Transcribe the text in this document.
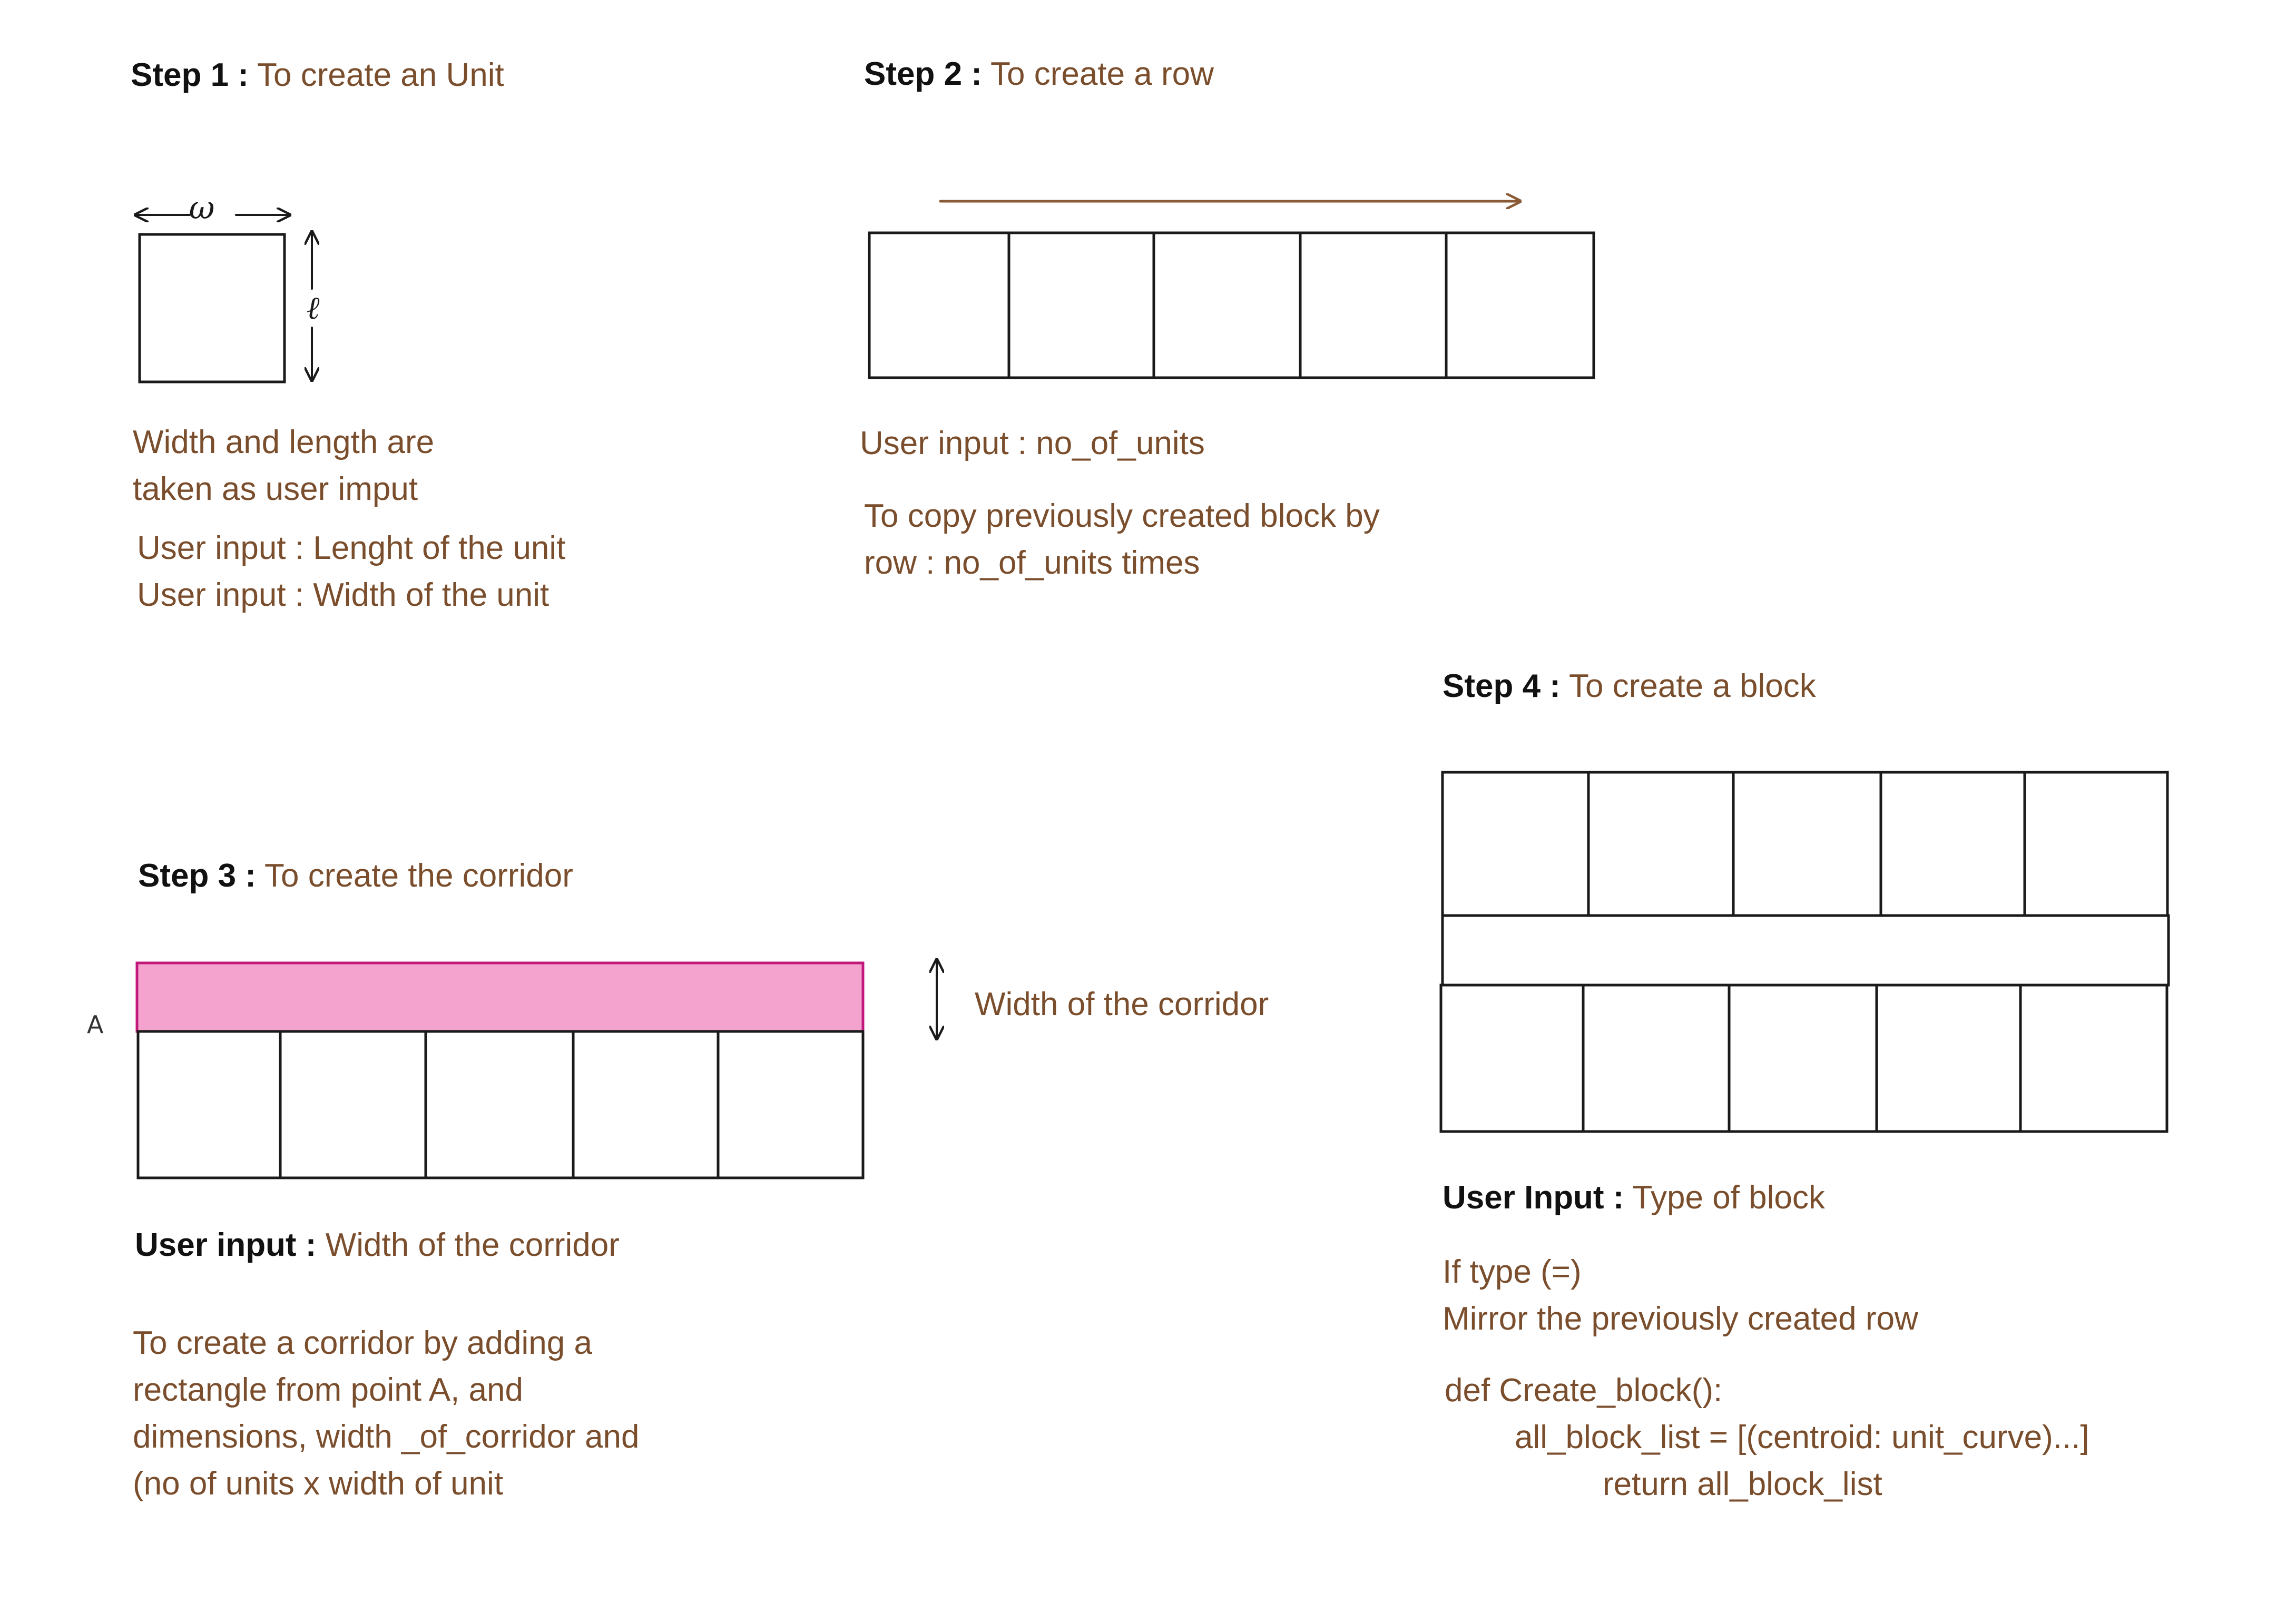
ω
ℓ
Step 1 : To create an Unit
Width and length are
taken as user imput
User input : Lenght of the unit
User input : Width of the unit
Step 2 : To create a row
User input : no_of_units
To copy previously created block by
row : no_of_units times
Step 3 : To create the corridor
A
Width of the corridor
User input : Width of the corridor
To create a corridor by adding a
rectangle from point A, and
dimensions, width _of_corridor and
(no of units x width of unit
Step 4 : To create a block
User Input : Type of block
If type (=)
Mirror the previously created row
def Create_block():
all_block_list = [(centroid: unit_curve)...]
return all_block_list
